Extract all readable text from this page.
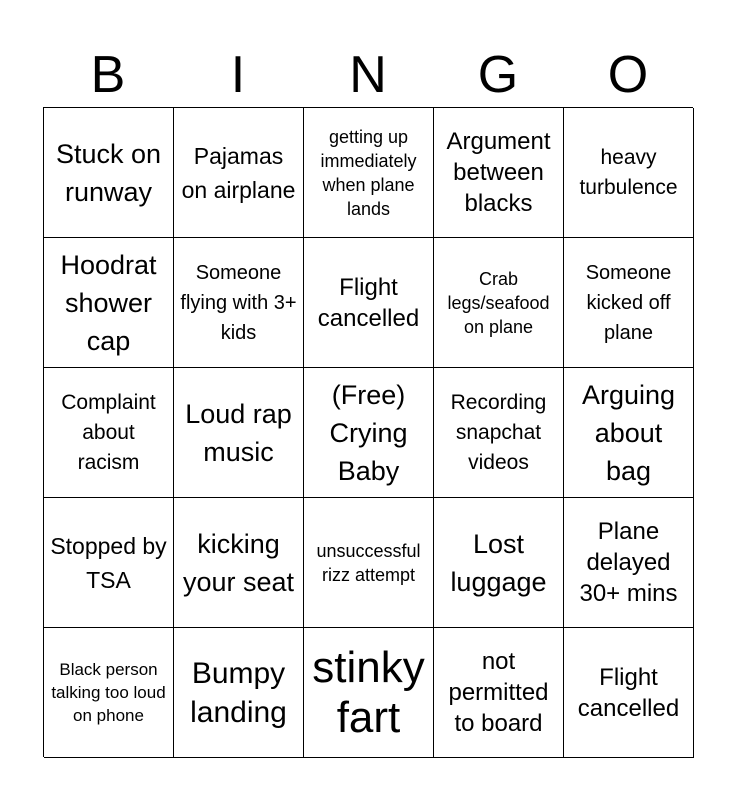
B	I	N	G	O
Stuck on runway
Pajamas on airplane
getting up immediately when plane lands
Argument between blacks
heavy turbulence
Hoodrat shower cap
Someone flying with 3+ kids
Flight cancelled
Crab legs/seafood on plane
Someone kicked off plane
Complaint about racism
Loud rap music
(Free) Crying Baby
Recording snapchat videos
Arguing about bag
Stopped by TSA
kicking your seat
unsuccessful rizz attempt
Lost luggage
Plane delayed 30+ mins
Black person talking too loud on phone
Bumpy landing
stinky fart
not permitted to board
Flight cancelled
